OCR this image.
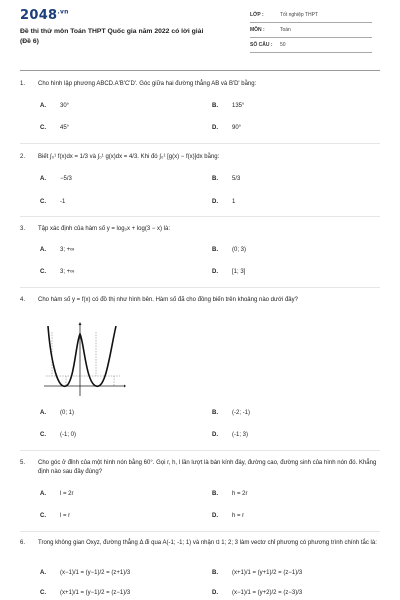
$2048^{.vn}$
Đề thi thử môn Toán THPT Quốc gia năm 2022 có lời giải
(Đề 6)
LỚP :	Tốt nghiệp THPT
MÔN :	Toán
SỐ CÂU :	50
1.	Cho hình lập phương ABCD.A'B'C'D'. Góc giữa hai đường thẳng AB và B'D' bằng:
A. 30°	B. 135°
C. 45°	D. 90°
2.	Biết ∫₀¹ f(x)dx = 1/3 và ∫₀¹ g(x)dx = 4/3. Khi đó ∫₀¹ [g(x) − f(x)]dx bằng:
A. −5/3	B. 5/3
C. -1	D. 1
3.	Tập xác định của hàm số y = log₃x + log(3 − x) là:
A. 3; +∞	B. (0; 3)
C. 3; +∞	D. [1; 3]
4.	Cho hàm số y = f(x) có đồ thị như hình bên. Hàm số đã cho đồng biến trên khoảng nào dưới đây?
A. (0; 1)	B. (-2; -1)
C. (-1; 0)	D. (-1; 3)
5.	Cho góc ở đỉnh của một hình nón bằng 60°. Gọi r, h, l lần lượt là bán kính đáy, đường cao, đường sinh của hình nón đó. Khẳng định nào sau đây đúng?
A. l = 2r	B. h = 2r
C. l = r	D. h = r
6.	Trong không gian Oxyz, đường thẳng Δ đi qua A(-1; -1; 1) và nhận u⃗ 1; 2; 3 làm vectơ chỉ phương có phương trình chính tắc là:
A. (x−1)/1 = (y−1)/2 = (z+1)/3	B. (x+1)/1 = (y+1)/2 = (z−1)/3
C. (x+1)/1 = (y−1)/2 = (z−1)/3	D. (x−1)/1 = (y+2)/2 = (z−3)/3
